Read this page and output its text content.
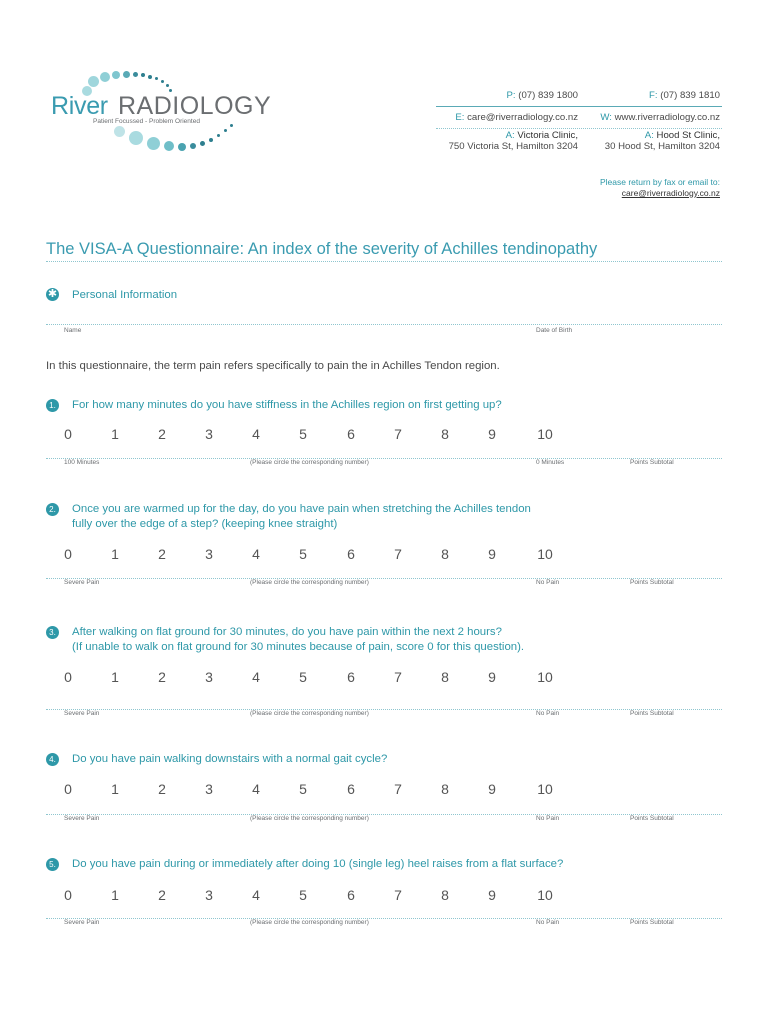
River RADIOLOGY
Patient Focussed - Problem Oriented
P: (07) 839 1800	F: (07) 839 1810
E: care@riverradiology.co.nz W: www.riverradiology.co.nz
A: Victoria Clinic,
750 Victoria St, Hamilton 3204
A: Hood St Clinic,
30 Hood St, Hamilton 3204
Please return by fax or email to:
care@riverradiology.co.nz
The VISA-A Questionnaire: An index of the severity of Achilles tendinopathy
✱ Personal Information
Name	Date of Birth
In this questionnaire, the term pain refers specifically to pain the in Achilles Tendon region.
1. For how many minutes do you have stiffness in the Achilles region on first getting up?
0	1	2	3	4	5	6	7	8	9	10
100 Minutes	(Please circle the corresponding number)	0 Minutes	Points Subtotal
2. Once you are warmed up for the day, do you have pain when stretching the Achilles tendon
fully over the edge of a step? (keeping knee straight)
0	1	2	3	4	5	6	7	8	9	10
Severe Pain	(Please circle the corresponding number)	No Pain	Points Subtotal
3. After walking on flat ground for 30 minutes, do you have pain within the next 2 hours?
(If unable to walk on flat ground for 30 minutes because of pain, score 0 for this question).
0	1	2	3	4	5	6	7	8	9	10
Severe Pain	(Please circle the corresponding number)	No Pain	Points Subtotal
4. Do you have pain walking downstairs with a normal gait cycle?
0	1	2	3	4	5	6	7	8	9	10
Severe Pain	(Please circle the corresponding number)	No Pain	Points Subtotal
5. Do you have pain during or immediately after doing 10 (single leg) heel raises from a flat surface?
0	1	2	3	4	5	6	7	8	9	10
Severe Pain	(Please circle the corresponding number)	No Pain	Points Subtotal
